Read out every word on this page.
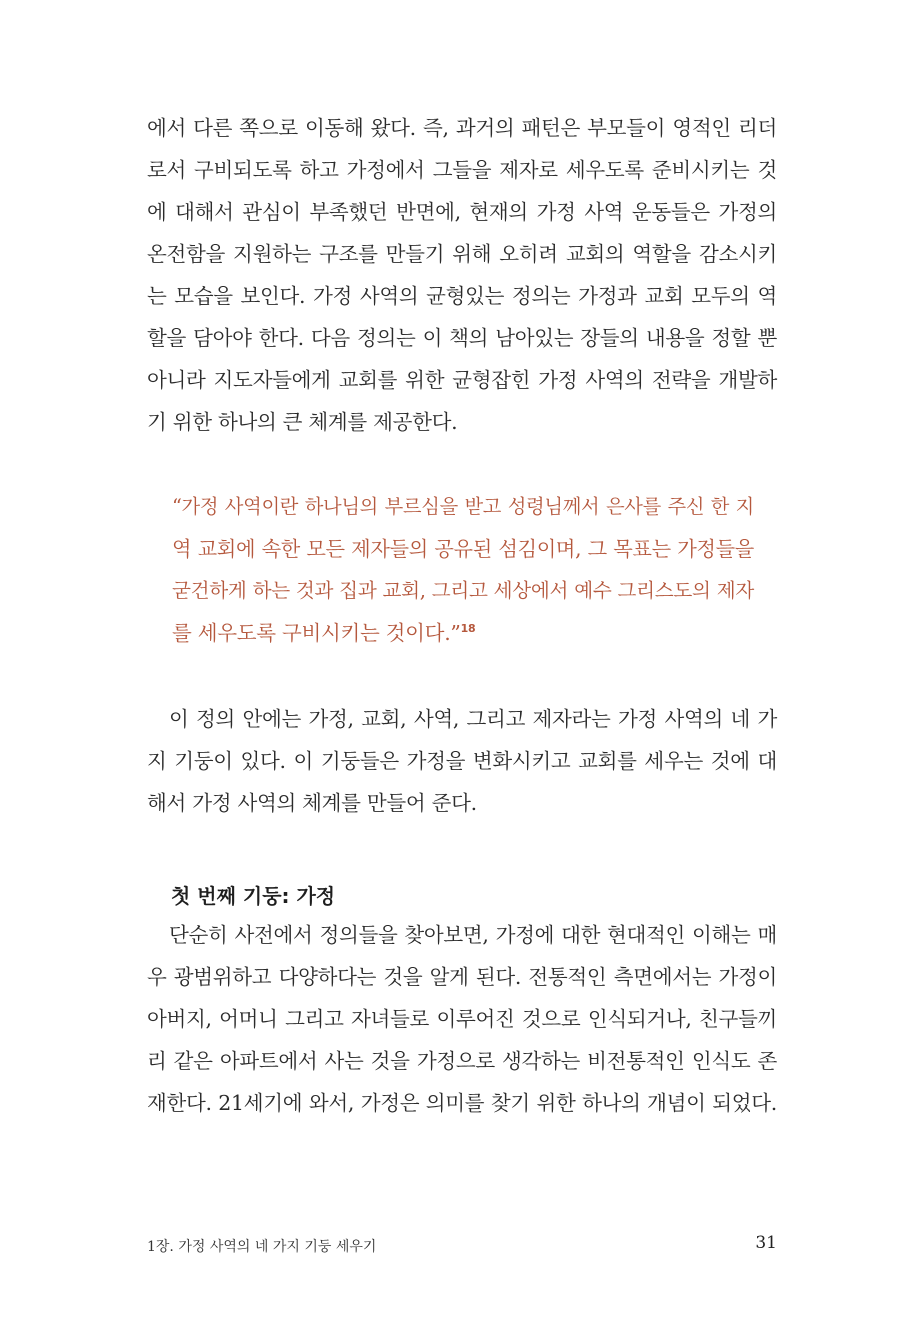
에서 다른 쪽으로 이동해 왔다. 즉, 과거의 패턴은 부모들이 영적인 리더
로서 구비되도록 하고 가정에서 그들을 제자로 세우도록 준비시키는 것
에 대해서 관심이 부족했던 반면에, 현재의 가정 사역 운동들은 가정의
온전함을 지원하는 구조를 만들기 위해 오히려 교회의 역할을 감소시키
는 모습을 보인다. 가정 사역의 균형있는 정의는 가정과 교회 모두의 역
할을 담아야 한다. 다음 정의는 이 책의 남아있는 장들의 내용을 정할 뿐
아니라 지도자들에게 교회를 위한 균형잡힌 가정 사역의 전략을 개발하
기 위한 하나의 큰 체계를 제공한다.
“가정 사역이란 하나님의 부르심을 받고 성령님께서 은사를 주신 한 지
역 교회에 속한 모든 제자들의 공유된 섬김이며, 그 목표는 가정들을
굳건하게 하는 것과 집과 교회, 그리고 세상에서 예수 그리스도의 제자
를 세우도록 구비시키는 것이다.”$^{18}$
이 정의 안에는 가정, 교회, 사역, 그리고 제자라는 가정 사역의 네 가
지 기둥이 있다. 이 기둥들은 가정을 변화시키고 교회를 세우는 것에 대
해서 가정 사역의 체계를 만들어 준다.
첫 번째 기둥: 가정
단순히 사전에서 정의들을 찾아보면, 가정에 대한 현대적인 이해는 매
우 광범위하고 다양하다는 것을 알게 된다. 전통적인 측면에서는 가정이
아버지, 어머니 그리고 자녀들로 이루어진 것으로 인식되거나, 친구들끼
리 같은 아파트에서 사는 것을 가정으로 생각하는 비전통적인 인식도 존
재한다. 21세기에 와서, 가정은 의미를 찾기 위한 하나의 개념이 되었다.
1장. 가정 사역의 네 가지 기둥 세우기	31
